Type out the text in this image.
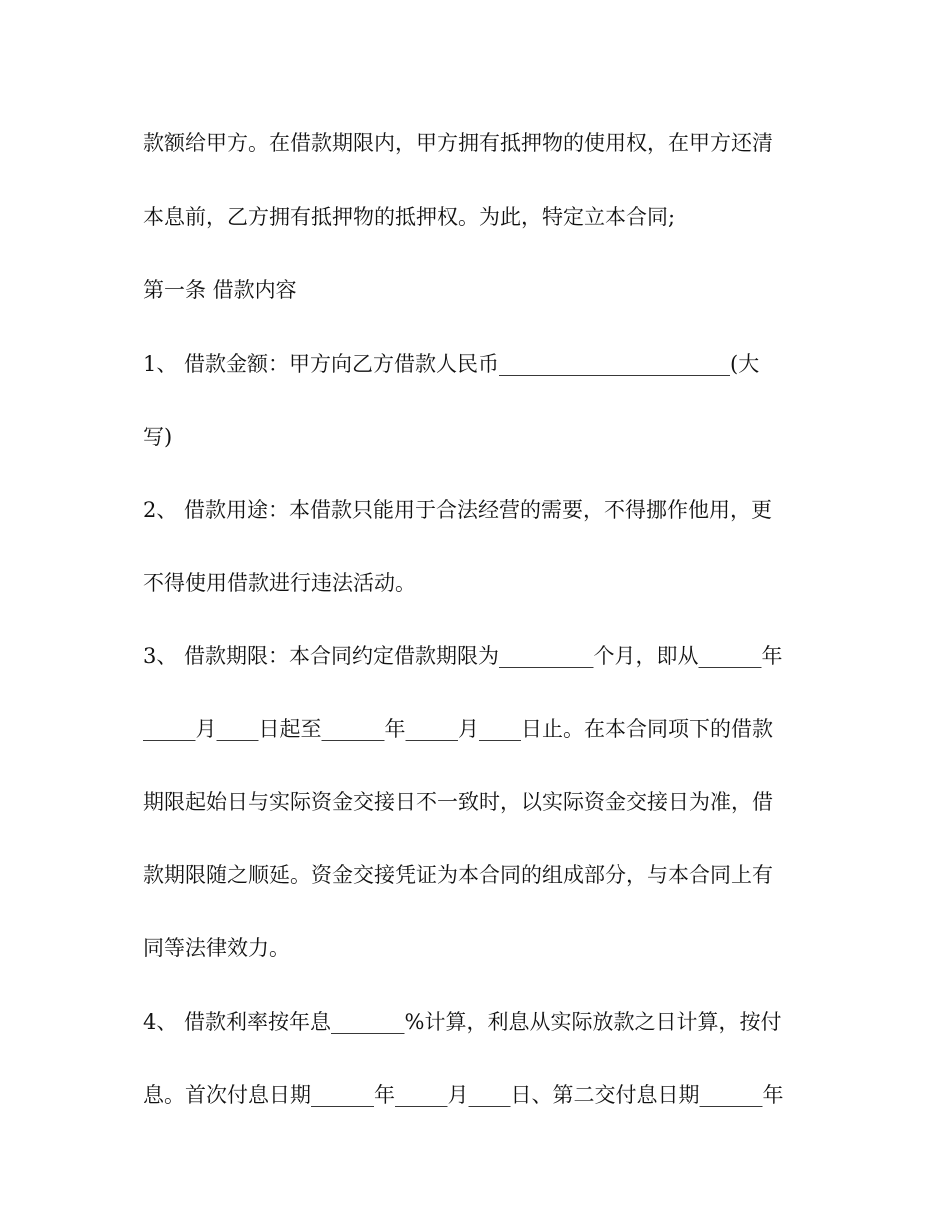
款额给甲方。在借款期限内，甲方拥有抵押物的使用权，在甲方还清
本息前，乙方拥有抵押物的抵押权。为此，特定立本合同;
第一条 借款内容
1、 借款金额：甲方向乙方借款人民币______________________(大
写)
2、 借款用途：本借款只能用于合法经营的需要，不得挪作他用，更
不得使用借款进行违法活动。
3、 借款期限：本合同约定借款期限为_________个月，即从______年
_____月____日起至______年_____月____日止。在本合同项下的借款
期限起始日与实际资金交接日不一致时，以实际资金交接日为准，借
款期限随之顺延。资金交接凭证为本合同的组成部分，与本合同上有
同等法律效力。
4、 借款利率按年息_______%计算，利息从实际放款之日计算，按付
息。首次付息日期______年_____月____日、第二交付息日期______年
